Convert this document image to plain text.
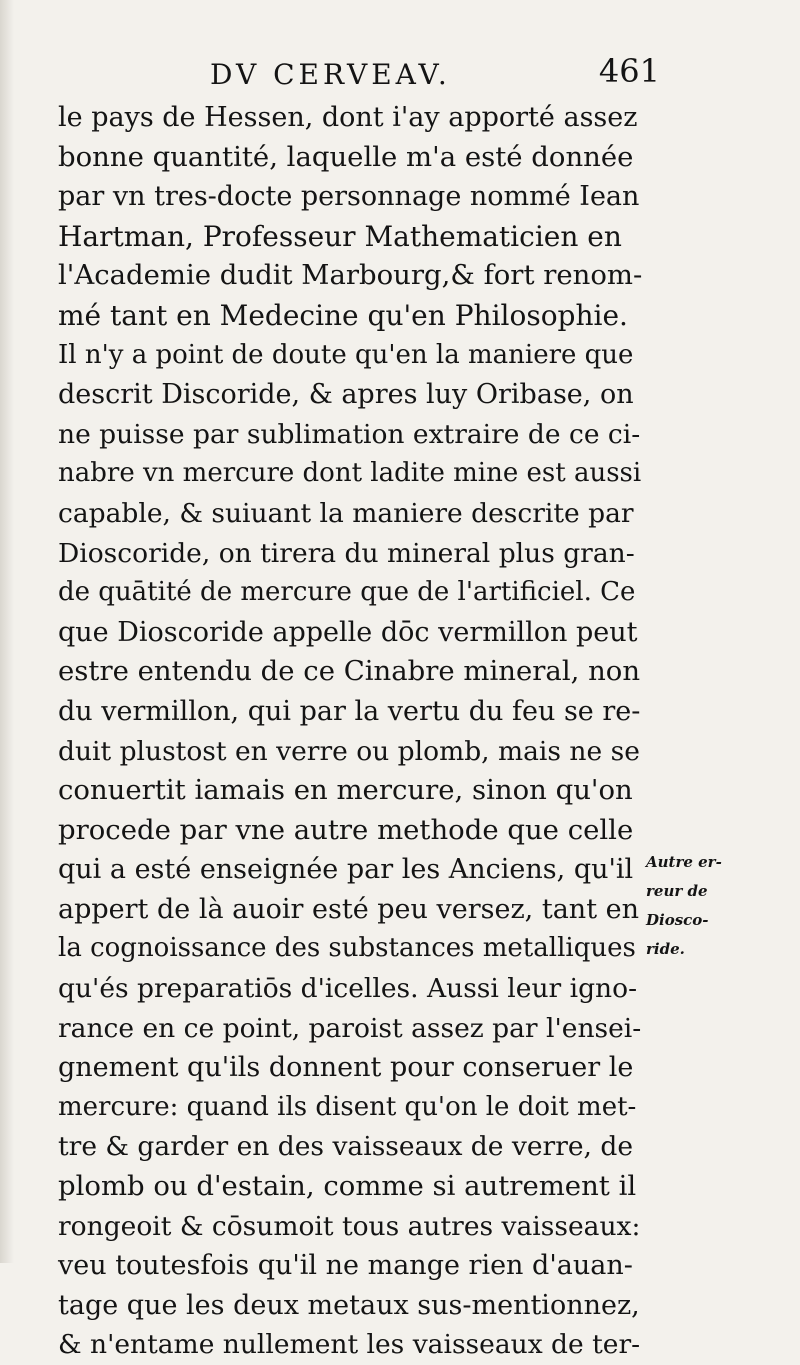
DV CERVEAV.	461
le pays de Hessen, dont i'ay apporté assez
bonne quantité, laquelle m'a esté donnée
par vn tres-docte personnage nommé Iean
Hartman, Professeur Mathematicien en
l'Academie dudit Marbourg,& fort renom-
mé tant en Medecine qu'en Philosophie.
Il n'y a point de doute qu'en la maniere que
descrit Discoride, & apres luy Oribase, on
ne puisse par sublimation extraire de ce ci-
nabre vn mercure dont ladite mine est aussi
capable, & suiuant la maniere descrite par
Dioscoride, on tirera du mineral plus gran-
de quātité de mercure que de l'artificiel. Ce
que Dioscoride appelle dōc vermillon peut
estre entendu de ce Cinabre mineral, non
du vermillon, qui par la vertu du feu se re-
duit plustost en verre ou plomb, mais ne se
conuertit iamais en mercure, sinon qu'on
procede par vne autre methode que celle
qui a esté enseignée par les Anciens, qu'il
appert de là auoir esté peu versez, tant en
la cognoissance des substances metalliques
qu'és preparatiōs d'icelles. Aussi leur igno-
rance en ce point, paroist assez par l'ensei-
gnement qu'ils donnent pour conseruer le
mercure: quand ils disent qu'on le doit met-
tre & garder en des vaisseaux de verre, de
plomb ou d'estain, comme si autrement il
rongeoit & cōsumoit tous autres vaisseaux:
veu toutesfois qu'il ne mange rien d'auan-
tage que les deux metaux sus-mentionnez,
& n'entame nullement les vaisseaux de ter-
Autre er-
reur de
Diosco-
ride.
